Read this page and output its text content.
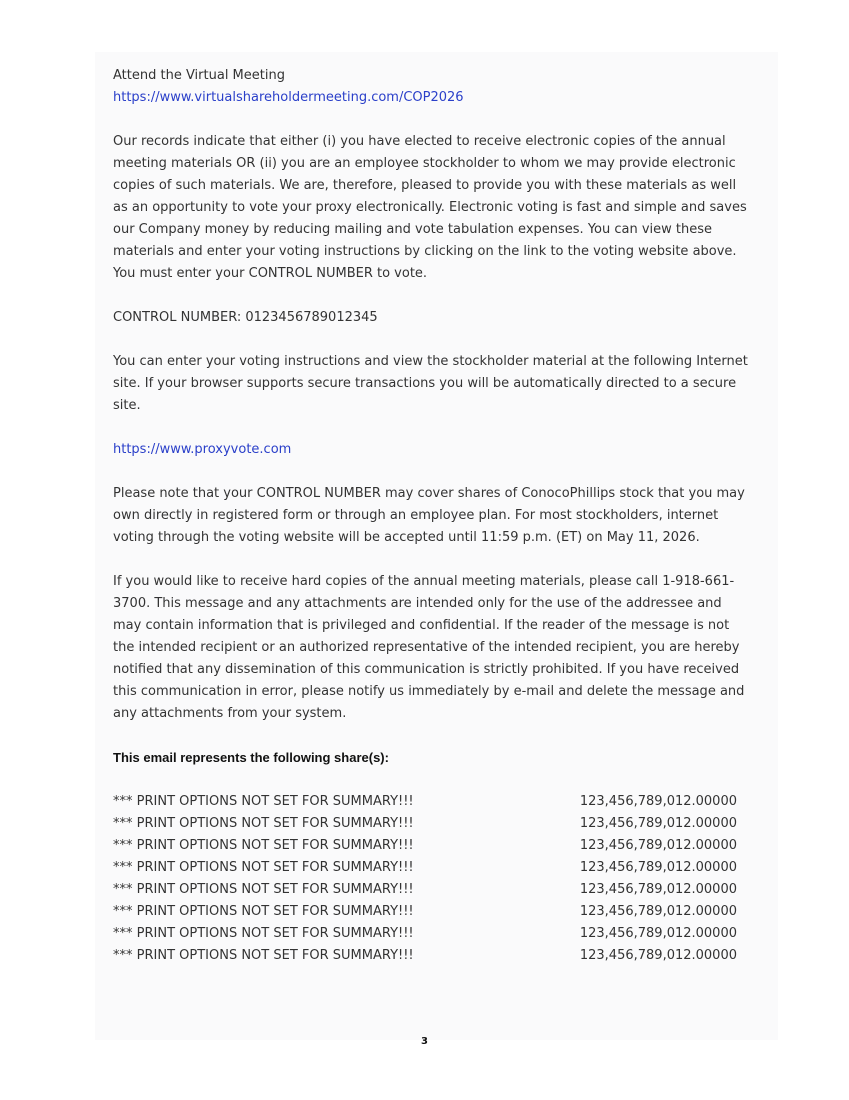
Attend the Virtual Meeting

https://www.virtualshareholdermeeting.com/COP2026

Our records indicate that either (i) you have elected to receive electronic copies of the annual meeting materials OR (ii) you are an employee stockholder to whom we may provide electronic copies of such materials. We are, therefore, pleased to provide you with these materials as well as an opportunity to vote your proxy electronically. Electronic voting is fast and simple and saves our Company money by reducing mailing and vote tabulation expenses. You can view these materials and enter your voting instructions by clicking on the link to the voting website above. You must enter your CONTROL NUMBER to vote.

CONTROL NUMBER: 0123456789012345

You can enter your voting instructions and view the stockholder material at the following Internet site. If your browser supports secure transactions you will be automatically directed to a secure site.

https://www.proxyvote.com

Please note that your CONTROL NUMBER may cover shares of ConocoPhillips stock that you may own directly in registered form or through an employee plan. For most stockholders, internet voting through the voting website will be accepted until 11:59 p.m. (ET) on May 11, 2026.

If you would like to receive hard copies of the annual meeting materials, please call 1-918-661-3700. This message and any attachments are intended only for the use of the addressee and may contain information that is privileged and confidential. If the reader of the message is not the intended recipient or an authorized representative of the intended recipient, you are hereby notified that any dissemination of this communication is strictly prohibited. If you have received this communication in error, please notify us immediately by e-mail and delete the message and any attachments from your system.

This email represents the following share(s):

*** PRINT OPTIONS NOT SET FOR SUMMARY!!!	123,456,789,012.00000
*** PRINT OPTIONS NOT SET FOR SUMMARY!!!	123,456,789,012.00000
*** PRINT OPTIONS NOT SET FOR SUMMARY!!!	123,456,789,012.00000
*** PRINT OPTIONS NOT SET FOR SUMMARY!!!	123,456,789,012.00000
*** PRINT OPTIONS NOT SET FOR SUMMARY!!!	123,456,789,012.00000
*** PRINT OPTIONS NOT SET FOR SUMMARY!!!	123,456,789,012.00000
*** PRINT OPTIONS NOT SET FOR SUMMARY!!!	123,456,789,012.00000
*** PRINT OPTIONS NOT SET FOR SUMMARY!!!	123,456,789,012.00000
3
